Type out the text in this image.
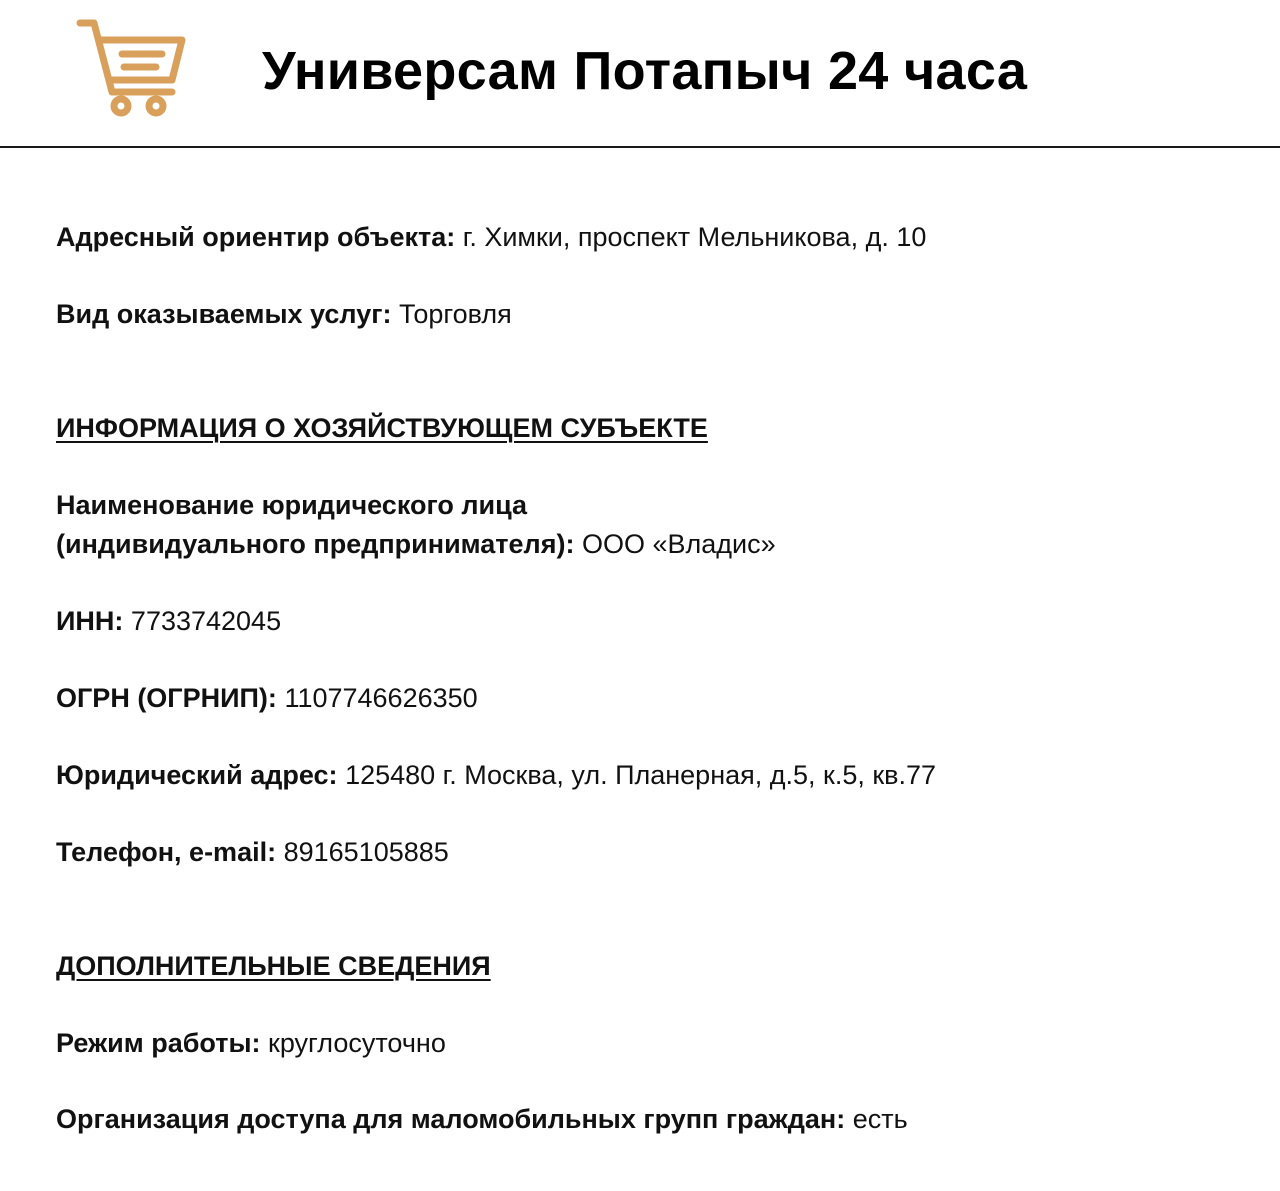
Универсам Потапыч 24 часа

Адресный ориентир объекта: г. Химки, проспект Мельникова, д. 10

Вид оказываемых услуг: Торговля

ИНФОРМАЦИЯ О ХОЗЯЙСТВУЮЩЕМ СУБЪЕКТЕ

Наименование юридического лица

(индивидуального предпринимателя): ООО «Владис»

ИНН: 7733742045

ОГРН (ОГРНИП): 1107746626350

Юридический адрес: 125480 г. Москва, ул. Планерная, д.5, к.5, кв.77

Телефон, e-mail: 89165105885

ДОПОЛНИТЕЛЬНЫЕ СВЕДЕНИЯ

Режим работы: круглосуточно

Организация доступа для маломобильных групп граждан: есть
